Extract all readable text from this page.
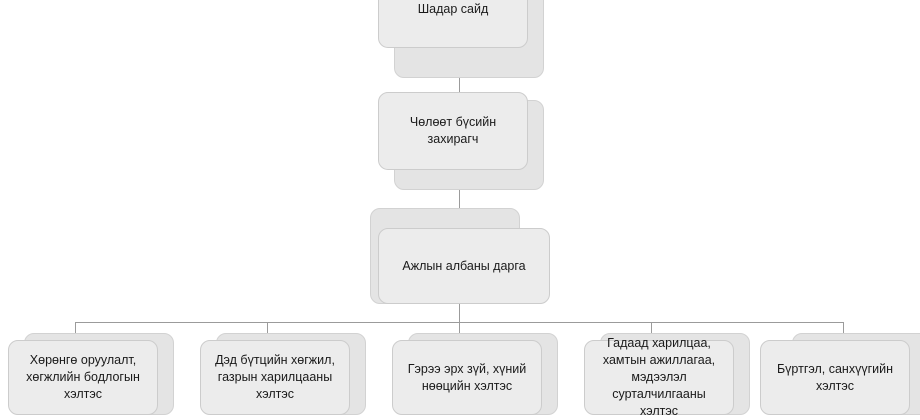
Шадар сайд
Чөлөөт бүсийн захирагч
Ажлын албаны дарга
Хөрөнгө оруулалт, хөгжлийн бодлогын хэлтэс
Дэд бүтцийн хөгжил, газрын харилцааны хэлтэс
Гэрээ эрх зүй, хүний нөөцийн хэлтэс
Гадаад харилцаа, хамтын ажиллагаа, мэдээлэл сурталчилгааны хэлтэс
Бүртгэл, санхүүгийн хэлтэс
